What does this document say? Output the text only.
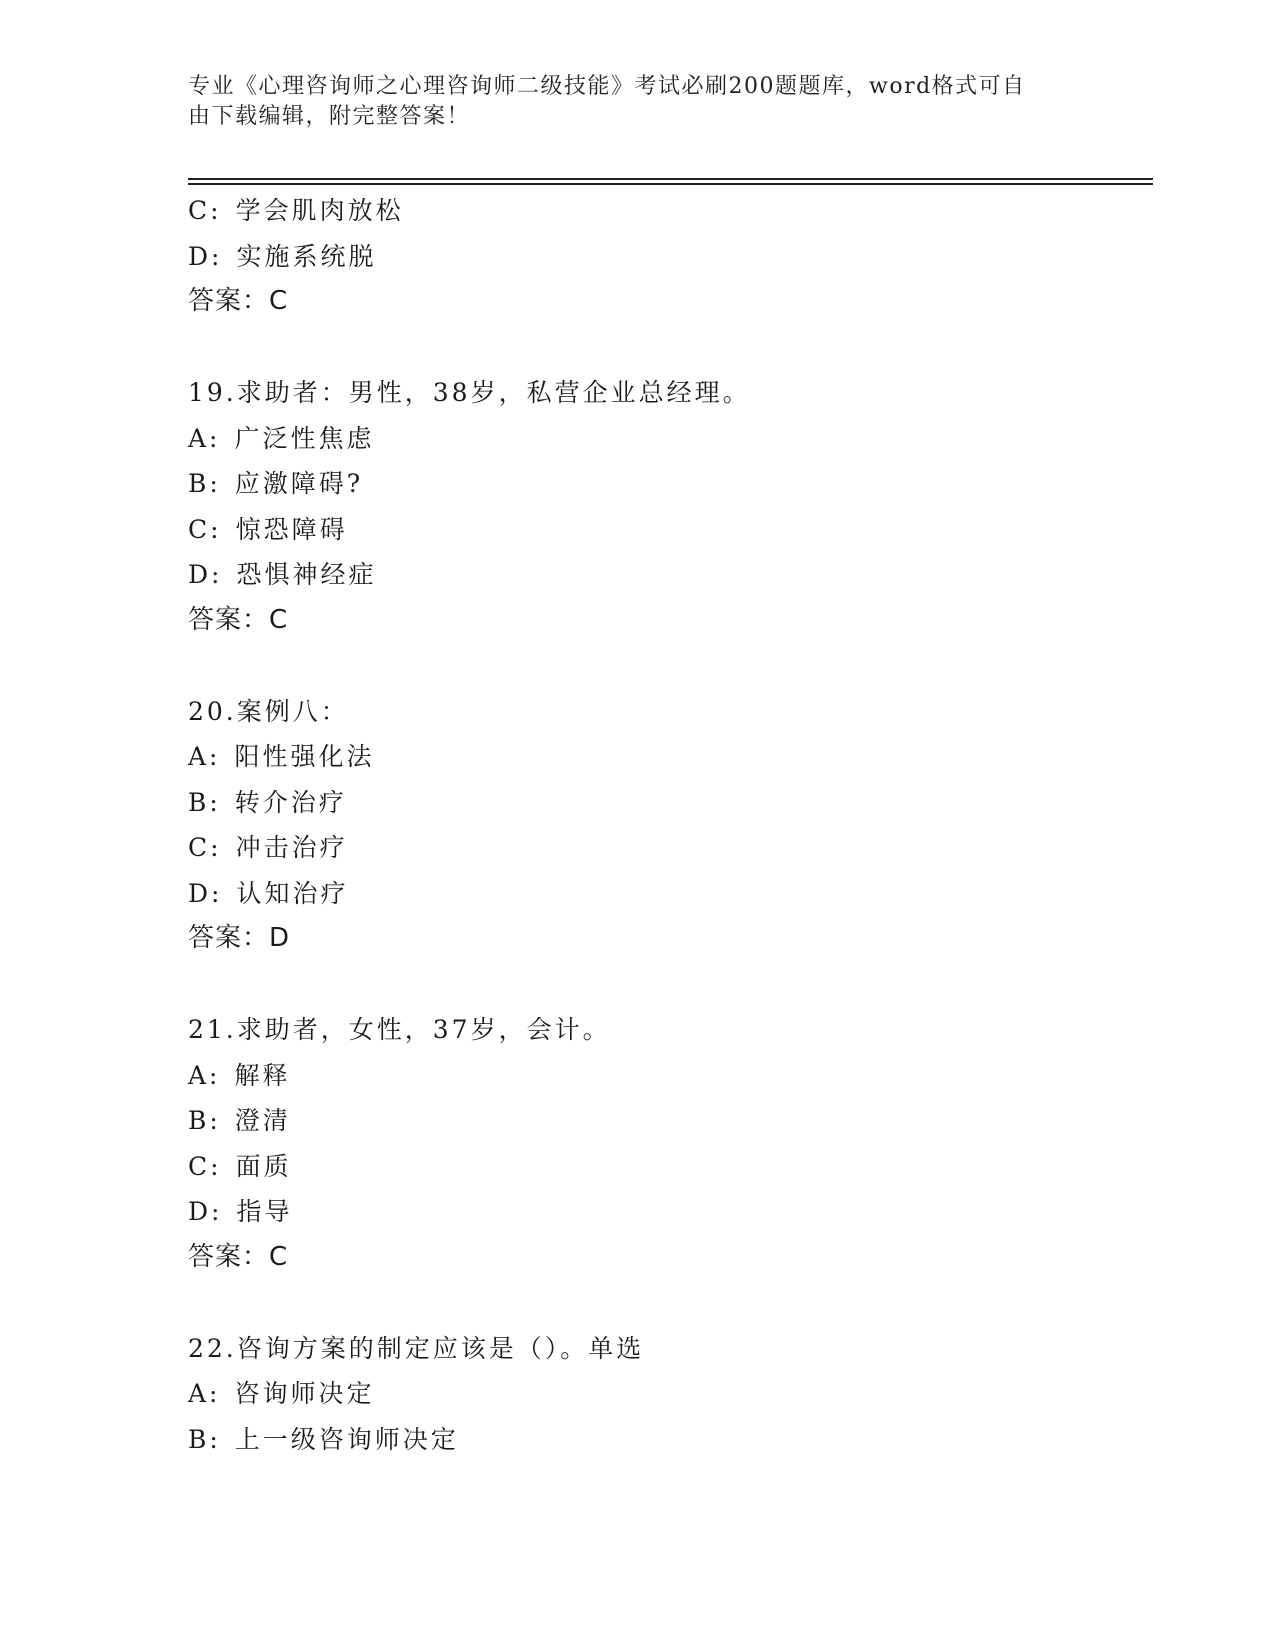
专业《心理咨询师之心理咨询师二级技能》考试必刷200题题库，word格式可自
由下载编辑，附完整答案！
C: 学会肌肉放松
D: 实施系统脱
答案：C
19.求助者：男性，38岁，私营企业总经理。
A: 广泛性焦虑
B: 应激障碍?
C: 惊恐障碍
D: 恐惧神经症
答案：C
20.案例八：
A: 阳性强化法
B: 转介治疗
C: 冲击治疗
D: 认知治疗
答案：D
21.求助者，女性，37岁，会计。
A: 解释
B: 澄清
C: 面质
D: 指导
答案：C
22.咨询方案的制定应该是（）。单选
A: 咨询师决定
B: 上一级咨询师决定
